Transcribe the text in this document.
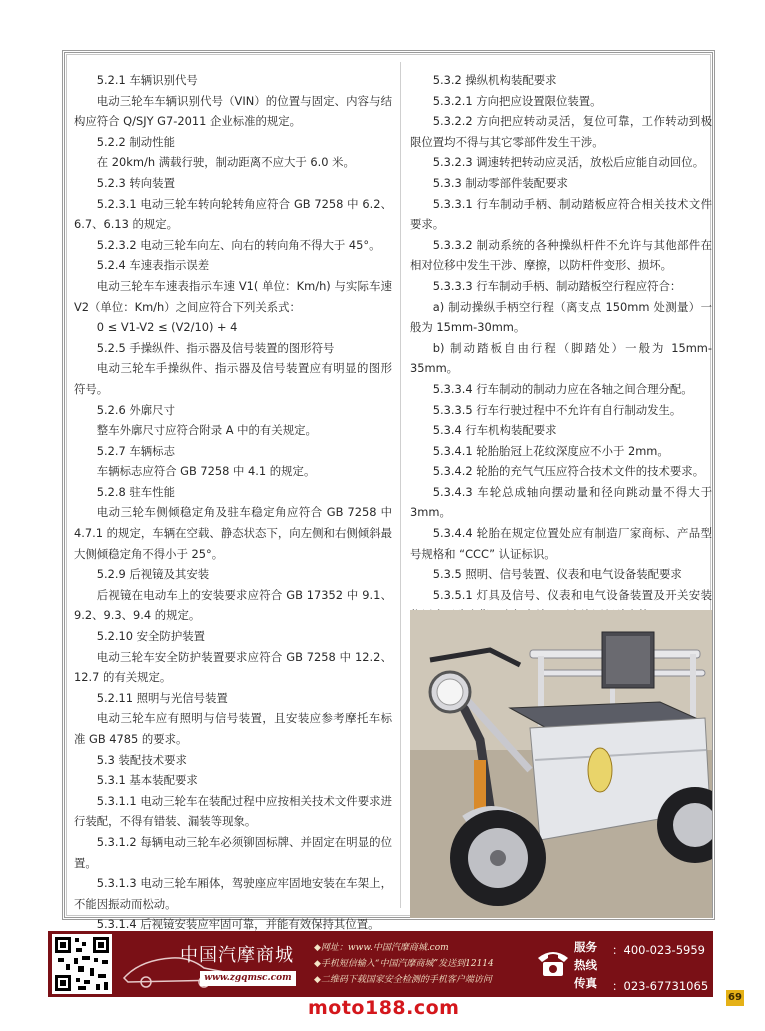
5.2.1 车辆识别代号

电动三轮车车辆识别代号（VIN）的位置与固定、内容与结构应符合 Q/SJY G7-2011 企业标准的规定。

5.2.2 制动性能

在 20km/h 满载行驶，制动距离不应大于 6.0 米。

5.2.3 转向装置

5.2.3.1 电动三轮车转向轮转角应符合 GB 7258 中 6.2、6.7、6.13 的规定。

5.2.3.2 电动三轮车向左、向右的转向角不得大于 45°。

5.2.4 车速表指示误差

电动三轮车车速表指示车速 V1( 单位：Km/h) 与实际车速 V2（单位：Km/h）之间应符合下列关系式：

0 ≤ V1-V2 ≤ (V2/10) + 4

5.2.5 手操纵件、指示器及信号装置的图形符号

电动三轮车手操纵件、指示器及信号装置应有明显的图形符号。

5.2.6 外廓尺寸

整车外廓尺寸应符合附录 A 中的有关规定。

5.2.7 车辆标志

车辆标志应符合 GB 7258 中 4.1 的规定。

5.2.8 驻车性能

电动三轮车侧倾稳定角及驻车稳定角应符合 GB 7258 中 4.7.1 的规定，车辆在空载、静态状态下，向左侧和右侧倾斜最大侧倾稳定角不得小于 25°。

5.2.9 后视镜及其安装

后视镜在电动车上的安装要求应符合 GB 17352 中 9.1、9.2、9.3、9.4 的规定。

5.2.10 安全防护装置

电动三轮车安全防护装置要求应符合 GB 7258 中 12.2、12.7 的有关规定。

5.2.11 照明与光信号装置

电动三轮车应有照明与信号装置，且安装应参考摩托车标准 GB 4785 的要求。

5.3 装配技术要求

5.3.1 基本装配要求

5.3.1.1 电动三轮车在装配过程中应按相关技术文件要求进行装配，不得有错装、漏装等现象。

5.3.1.2 每辆电动三轮车必须铆固标牌、并固定在明显的位置。

5.3.1.3 电动三轮车厢体，驾驶座应牢固地安装在车架上，不能因振动而松动。

5.3.1.4 后视镜安装应牢固可靠，并能有效保持其位置。

5.3.2 操纵机构装配要求

5.3.2.1 方向把应设置限位装置。

5.3.2.2 方向把应转动灵活，复位可靠，工作转动到极限位置均不得与其它零部件发生干涉。

5.3.2.3 调速转把转动应灵活，放松后应能自动回位。

5.3.3 制动零部件装配要求

5.3.3.1 行车制动手柄、制动踏板应符合相关技术文件要求。

5.3.3.2 制动系统的各种操纵杆件不允许与其他部件在相对位移中发生干涉、摩擦，以防杆件变形、损坏。

5.3.3.3 行车制动手柄、制动踏板空行程应符合：

a) 制动操纵手柄空行程（离支点 150mm 处测量）一般为 15mm-30mm。

b) 制动踏板自由行程（脚踏处）一般为 15mm-35mm。

5.3.3.4 行车制动的制动力应在各轴之间合理分配。

5.3.3.5 行车行驶过程中不允许有自行制动发生。

5.3.4 行车机构装配要求

5.3.4.1 轮胎胎冠上花纹深度应不小于 2mm。

5.3.4.2 轮胎的充气气压应符合技术文件的技术要求。

5.3.4.3 车轮总成轴向摆动量和径向跳动量不得大于 3mm。

5.3.4.4 轮胎在规定位置处应有制造厂家商标、产品型号规格和 “CCC” 认证标识。

5.3.5 照明、信号装置、仪表和电气设备装配要求

5.3.5.1 灯具及信号、仪表和电气设备装置及开关安装

中国汽摩商城
www.zgqmsc.com
◆网址：www.中国汽摩商城.com
◆手机短信输入“中国汽摩商城”发送到12114
◆二维码下载国家安全检测的手机客户端访问
服务
热线
传真
：400-023-5959

：023-67731065
moto188.com	69
